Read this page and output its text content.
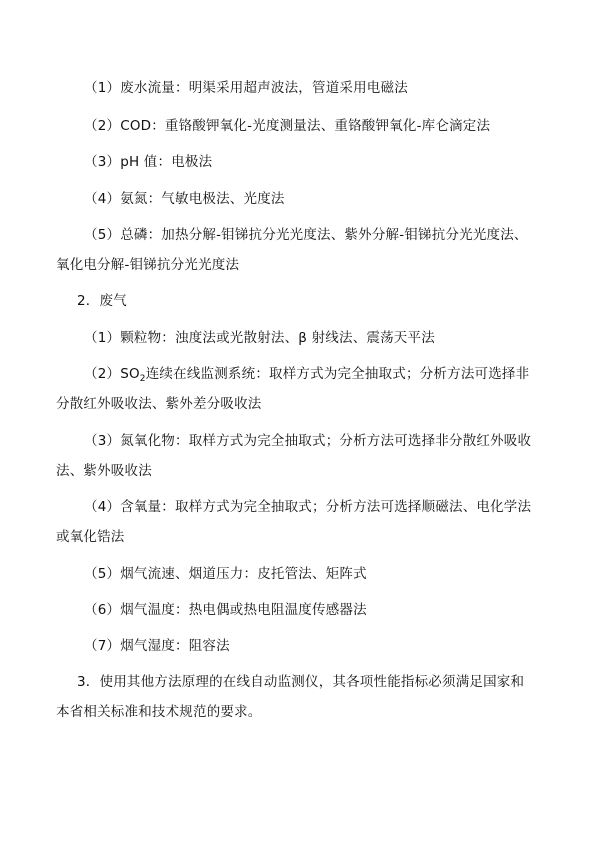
（1）废水流量：明渠采用超声波法，管道采用电磁法
（2）COD：重铬酸钾氧化-光度测量法、重铬酸钾氧化-库仑滴定法
（3）pH 值：电极法
（4）氨氮：气敏电极法、光度法
（5）总磷：加热分解-钼锑抗分光光度法、紫外分解-钼锑抗分光光度法、
氧化电分解-钼锑抗分光光度法
2．废气
（1）颗粒物：浊度法或光散射法、β 射线法、震荡天平法
$(2)SO_2$连续在线监测系统：取样方式为完全抽取式；分析方法可选择非
分散红外吸收法、紫外差分吸收法
（3）氮氧化物：取样方式为完全抽取式；分析方法可选择非分散红外吸收
法、紫外吸收法
（4）含氧量：取样方式为完全抽取式；分析方法可选择顺磁法、电化学法
或氧化锆法
（5）烟气流速、烟道压力：皮托管法、矩阵式
（6）烟气温度：热电偶或热电阻温度传感器法
（7）烟气湿度：阻容法
3．使用其他方法原理的在线自动监测仪，其各项性能指标必须满足国家和
本省相关标准和技术规范的要求。
